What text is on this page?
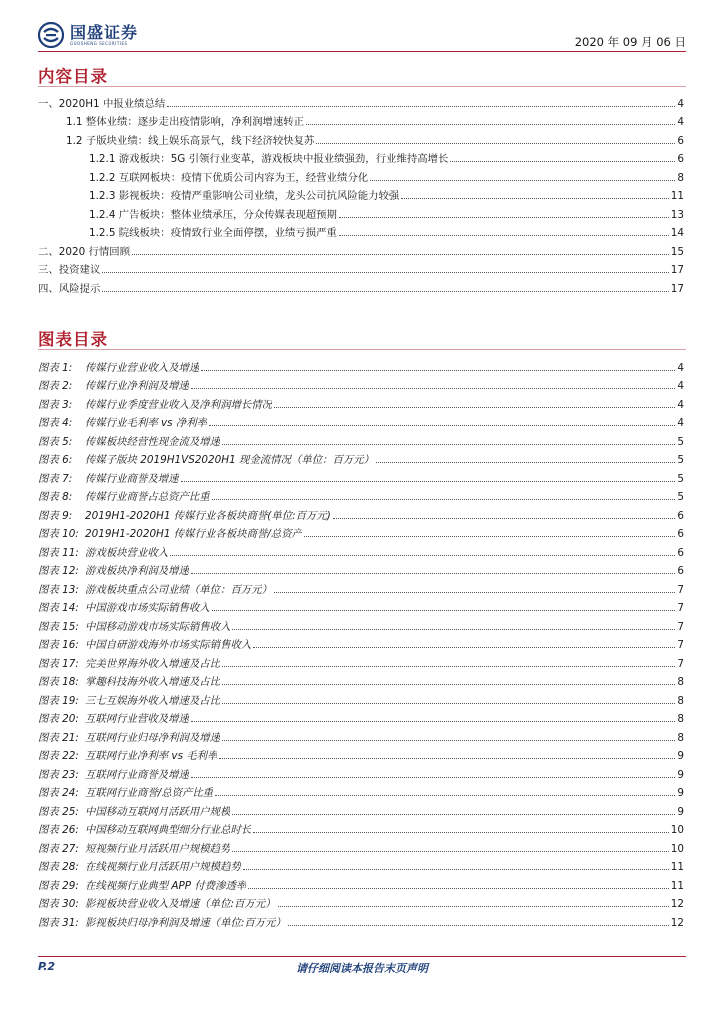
国盛证券
GUOSHENG SECURITIES	2020 年 09 月 06 日
内容目录
一、2020H1 中报业绩总结	4
1.1 整体业绩：逐步走出疫情影响，净利润增速转正	4
1.2 子版块业绩：线上娱乐高景气，线下经济较快复苏	6
1.2.1 游戏板块：5G 引领行业变革，游戏板块中报业绩强劲，行业维持高增长	6
1.2.2 互联网板块：疫情下优质公司内容为王，经营业绩分化	8
1.2.3 影视板块：疫情严重影响公司业绩，龙头公司抗风险能力较强	11
1.2.4 广告板块：整体业绩承压，分众传媒表现超预期	13
1.2.5 院线板块：疫情致行业全面停摆，业绩亏损严重	14
二、2020 行情回顾	15
三、投资建议	17
四、风险提示	17
图表目录
图表 1: 传媒行业营业收入及增速	4
图表 2: 传媒行业净利润及增速	4
图表 3: 传媒行业季度营业收入及净利润增长情况	4
图表 4: 传媒行业毛利率 vs 净利率	4
图表 5: 传媒板块经营性现金流及增速	5
图表 6: 传媒子版块 2019H1VS2020H1 现金流情况（单位：百万元）	5
图表 7: 传媒行业商誉及增速	5
图表 8: 传媒行业商誉占总资产比重	5
图表 9: 2019H1-2020H1 传媒行业各板块商誉(单位:百万元)	6
图表 10: 2019H1-2020H1 传媒行业各板块商誉/总资产	6
图表 11: 游戏板块营业收入	6
图表 12: 游戏板块净利润及增速	6
图表 13: 游戏板块重点公司业绩（单位：百万元）	7
图表 14: 中国游戏市场实际销售收入	7
图表 15: 中国移动游戏市场实际销售收入	7
图表 16: 中国自研游戏海外市场实际销售收入	7
图表 17: 完美世界海外收入增速及占比	7
图表 18: 掌趣科技海外收入增速及占比	8
图表 19: 三七互娱海外收入增速及占比	8
图表 20: 互联网行业营收及增速	8
图表 21: 互联网行业归母净利润及增速	8
图表 22: 互联网行业净利率 vs 毛利率	9
图表 23: 互联网行业商誉及增速	9
图表 24: 互联网行业商誉/总资产比重	9
图表 25: 中国移动互联网月活跃用户规模	9
图表 26: 中国移动互联网典型细分行业总时长	10
图表 27: 短视频行业月活跃用户规模趋势	10
图表 28: 在线视频行业月活跃用户规模趋势	11
图表 29: 在线视频行业典型 APP 付费渗透率	11
图表 30: 影视板块营业收入及增速（单位:百万元）	12
图表 31: 影视板块归母净利润及增速（单位:百万元）	12
P.2	请仔细阅读本报告末页声明
